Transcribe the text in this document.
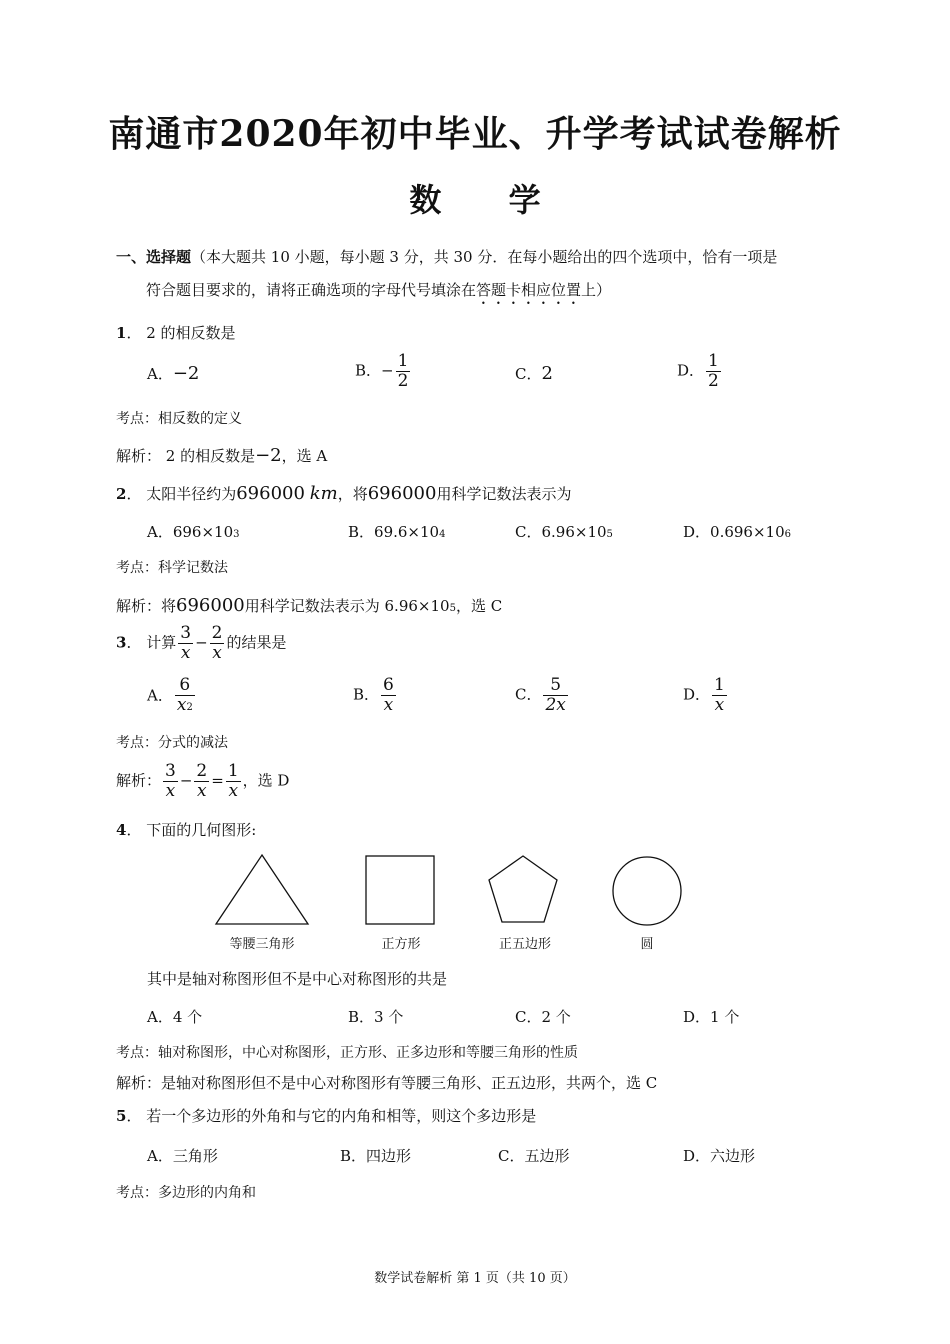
南通市2020年初中毕业、升学考试试卷解析
数 学
一、选择题（本大题共 10 小题，每小题 3 分，共 30 分．在每小题给出的四个选项中，恰有一项是
符合题目要求的，请将正确选项的字母代号填涂在答题卡相应位置上）
1． 2 的相反数是
A．−2	B．− $\frac{1}{2}$	C．2	D． $\frac{1}{2}$
考点：相反数的定义
解析： 2 的相反数是−2，选 A
2． 太阳半径约为696000 km，将696000用科学记数法表示为
A．696×103	B．69.6×104	C．6.96×105	D．0.696×106
考点：科学记数法
解析：将696000用科学记数法表示为 6.96×105，选 C
3． 计算 $\frac{3}{x} - \frac{2}{x}$ 的结果是
A． $\frac{6}{x2}$	B． $\frac{6}{x}$	C． $\frac{5}{2x}$	D． $\frac{1}{x}$
考点：分式的减法
解析： $\frac{3}{x} - \frac{2}{x} = \frac{1}{x}$ ，选 D
4． 下面的几何图形:
等腰三角形	正方形	正五边形	圆
其中是轴对称图形但不是中心对称图形的共是
A．4 个	B．3 个	C．2 个	D．1 个
考点：轴对称图形，中心对称图形，正方形、正多边形和等腰三角形的性质
解析：是轴对称图形但不是中心对称图形有等腰三角形、正五边形，共两个，选 C
5． 若一个多边形的外角和与它的内角和相等，则这个多边形是
A．三角形	B．四边形	C．五边形	D．六边形
考点：多边形的内角和
数学试卷解析 第 1 页（共 10 页）
